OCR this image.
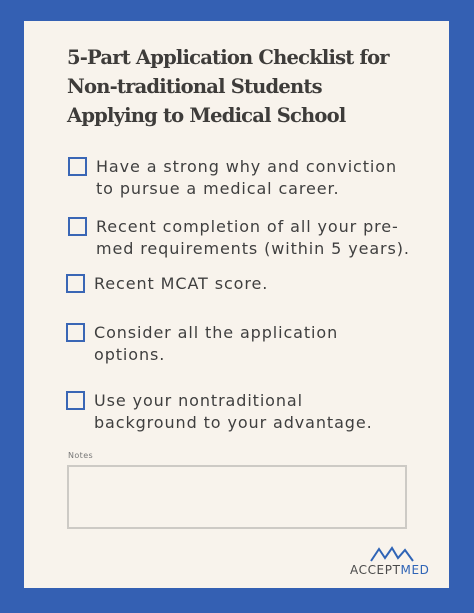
5-Part Application Checklist for
Non-traditional Students
Applying to Medical School
Have a strong why and conviction
to pursue a medical career.
Recent completion of all your pre-
med requirements (within 5 years).
Recent MCAT score.
Consider all the application
options.
Use your nontraditional
background to your advantage.
Notes
ACCEPTMED
